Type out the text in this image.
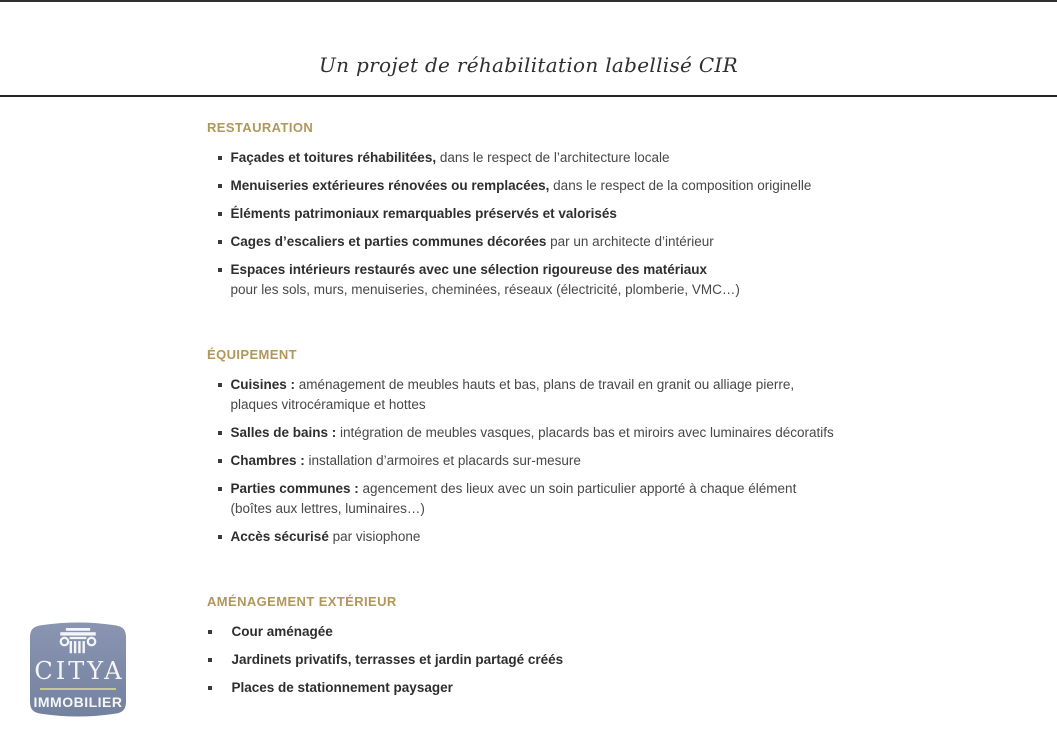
Un projet de réhabilitation labellisé CIR
RESTAURATION
Façades et toitures réhabilitées, dans le respect de l’architecture locale
Menuiseries extérieures rénovées ou remplacées, dans le respect de la composition originelle
Éléments patrimoniaux remarquables préservés et valorisés
Cages d’escaliers et parties communes décorées par un architecte d’intérieur
Espaces intérieurs restaurés avec une sélection rigoureuse des matériaux
pour les sols, murs, menuiseries, cheminées, réseaux (électricité, plomberie, VMC…)
ÉQUIPEMENT
Cuisines : aménagement de meubles hauts et bas, plans de travail en granit ou alliage pierre,
plaques vitrocéramique et hottes
Salles de bains : intégration de meubles vasques, placards bas et miroirs avec luminaires décoratifs
Chambres : installation d’armoires et placards sur-mesure
Parties communes : agencement des lieux avec un soin particulier apporté à chaque élément
(boîtes aux lettres, luminaires…)
Accès sécurisé par visiophone
AMÉNAGEMENT EXTÉRIEUR
Cour aménagée
Jardinets privatifs, terrasses et jardin partagé créés
Places de stationnement paysager
CITYA
IMMOBILIER
